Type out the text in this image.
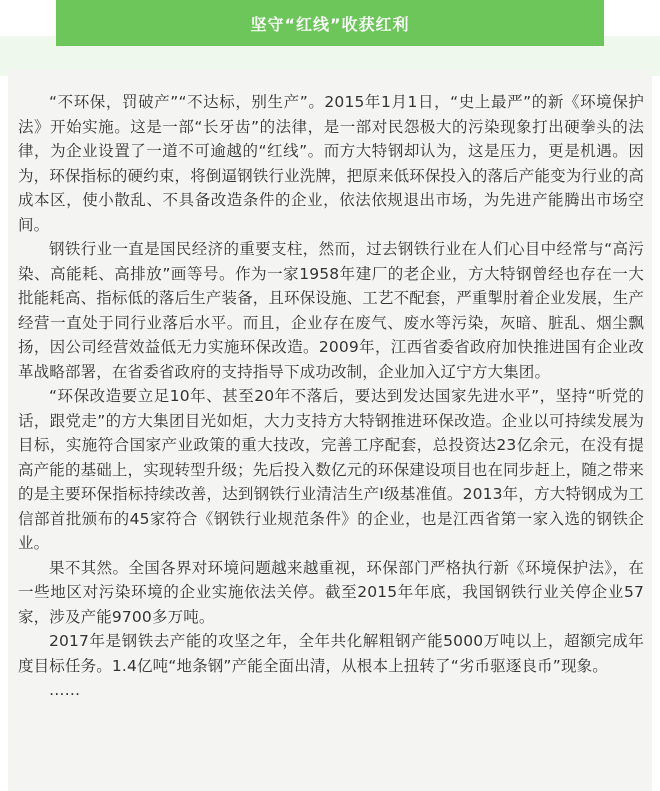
坚守“红线”收获红利

“不环保，罚破产”“不达标，别生产”。2015年1月1日，“史上最严”的新《环境保护法》开始实施。这是一部“长牙齿”的法律，是一部对民怨极大的污染现象打出硬拳头的法律，为企业设置了一道不可逾越的“红线”。而方大特钢却认为，这是压力，更是机遇。因为，环保指标的硬约束，将倒逼钢铁行业洗牌，把原来低环保投入的落后产能变为行业的高成本区，使小散乱、不具备改造条件的企业，依法依规退出市场，为先进产能腾出市场空间。

钢铁行业一直是国民经济的重要支柱，然而，过去钢铁行业在人们心目中经常与“高污染、高能耗、高排放”画等号。作为一家1958年建厂的老企业，方大特钢曾经也存在一大批能耗高、指标低的落后生产装备，且环保设施、工艺不配套，严重掣肘着企业发展，生产经营一直处于同行业落后水平。而且，企业存在废气、废水等污染，灰暗、脏乱、烟尘飘扬，因公司经营效益低无力实施环保改造。2009年，江西省委省政府加快推进国有企业改革战略部署，在省委省政府的支持指导下成功改制，企业加入辽宁方大集团。

“环保改造要立足10年、甚至20年不落后，要达到发达国家先进水平”，坚持“听党的话，跟党走”的方大集团目光如炬，大力支持方大特钢推进环保改造。企业以可持续发展为目标，实施符合国家产业政策的重大技改，完善工序配套，总投资达23亿余元，在没有提高产能的基础上，实现转型升级；先后投入数亿元的环保建设项目也在同步赶上，随之带来的是主要环保指标持续改善，达到钢铁行业清洁生产Ⅰ级基准值。2013年，方大特钢成为工信部首批颁布的45家符合《钢铁行业规范条件》的企业，也是江西省第一家入选的钢铁企业。

果不其然。全国各界对环境问题越来越重视，环保部门严格执行新《环境保护法》，在一些地区对污染环境的企业实施依法关停。截至2015年年底，我国钢铁行业关停企业57家，涉及产能9700多万吨。

2017年是钢铁去产能的攻坚之年，全年共化解粗钢产能5000万吨以上，超额完成年度目标任务。1.4亿吨“地条钢”产能全面出清，从根本上扭转了“劣币驱逐良币”现象。

……
